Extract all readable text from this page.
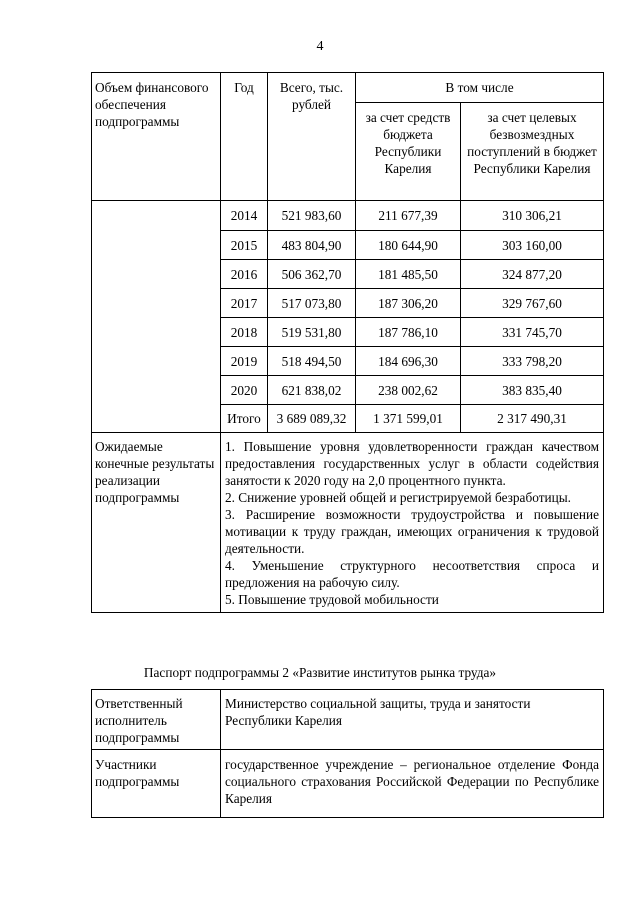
4
Объем финансового обеспечения подпрограммы	Год	Всего, тыс. рублей	В том числе	
			за счет средств бюджета Республики Карелия	за счет целевых безвозмездных поступлений в бюджет Республики Карелия
	2014	521 983,60	211 677,39	310 306,21
	2015	483 804,90	180 644,90	303 160,00
	2016	506 362,70	181 485,50	324 877,20
	2017	517 073,80	187 306,20	329 767,60
	2018	519 531,80	187 786,10	331 745,70
	2019	518 494,50	184 696,30	333 798,20
	2020	621 838,02	238 002,62	383 835,40
	Итого	3 689 089,32	1 371 599,01	2 317 490,31
Ожидаемые конечные результаты реализации подпрограммы	1. Повышение уровня удовлетворенности граждан качеством предоставления государственных услуг в области содействия занятости к 2020 году на 2,0 процентного пункта.
2. Снижение уровней общей и регистрируемой безработицы.
3. Расширение возможности трудоустройства и повышение мотивации к труду граждан, имеющих ограничения к трудовой деятельности.
4. Уменьшение структурного несоответствия спроса и предложения на рабочую силу.
5. Повышение трудовой мобильности			
Паспорт подпрограммы 2 «Развитие институтов рынка труда»
Ответственный исполнитель подпрограммы	Министерство социальной защиты, труда и занятости Республики Карелия
Участники подпрограммы	государственное учреждение – региональное отделение Фонда социального страхования Российской Федерации по Республике Карелия
